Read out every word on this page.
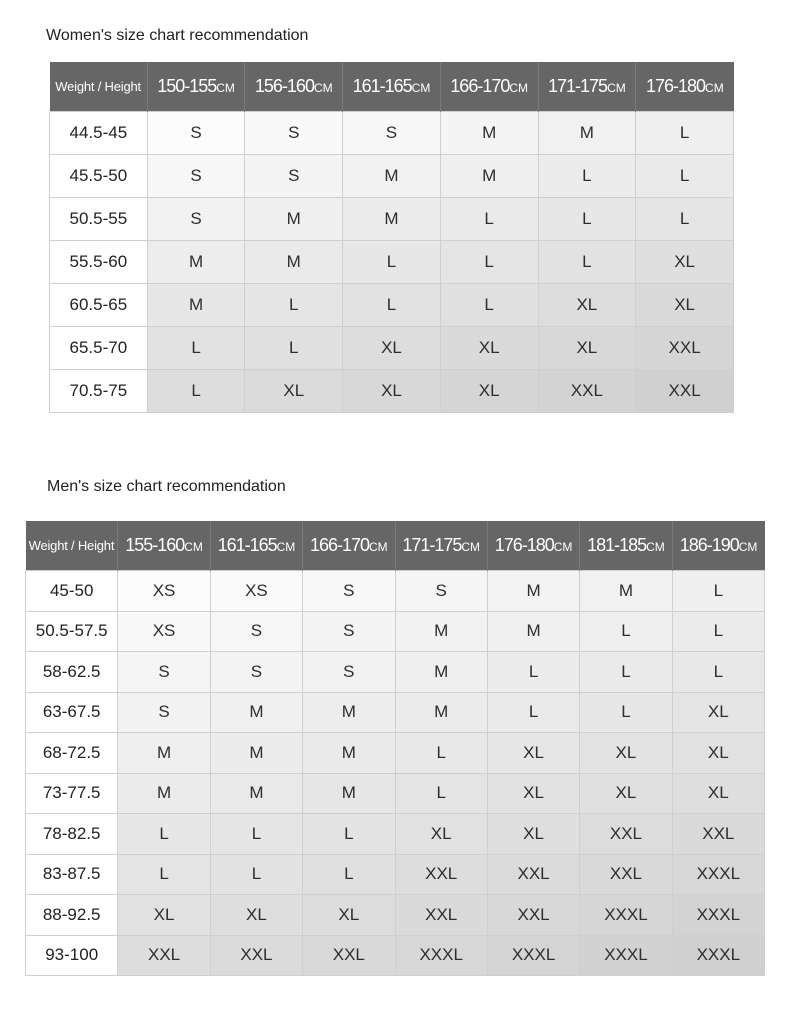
Women's size chart recommendation
Weight / Height	150-155CM	156-160CM	161-165CM	166-170CM	171-175CM	176-180CM
44.5-45	S	S	S	M	M	L
45.5-50	S	S	M	M	L	L
50.5-55	S	M	M	L	L	L
55.5-60	M	M	L	L	L	XL
60.5-65	M	L	L	L	XL	XL
65.5-70	L	L	XL	XL	XL	XXL
70.5-75	L	XL	XL	XL	XXL	XXL
Men's size chart recommendation
Weight / Height	155-160CM	161-165CM	166-170CM	171-175CM	176-180CM	181-185CM	186-190CM
45-50	XS	XS	S	S	M	M	L
50.5-57.5	XS	S	S	M	M	L	L
58-62.5	S	S	S	M	L	L	L
63-67.5	S	M	M	M	L	L	XL
68-72.5	M	M	M	L	XL	XL	XL
73-77.5	M	M	M	L	XL	XL	XL
78-82.5	L	L	L	XL	XL	XXL	XXL
83-87.5	L	L	L	XXL	XXL	XXL	XXXL
88-92.5	XL	XL	XL	XXL	XXL	XXXL	XXXL
93-100	XXL	XXL	XXL	XXXL	XXXL	XXXL	XXXL
